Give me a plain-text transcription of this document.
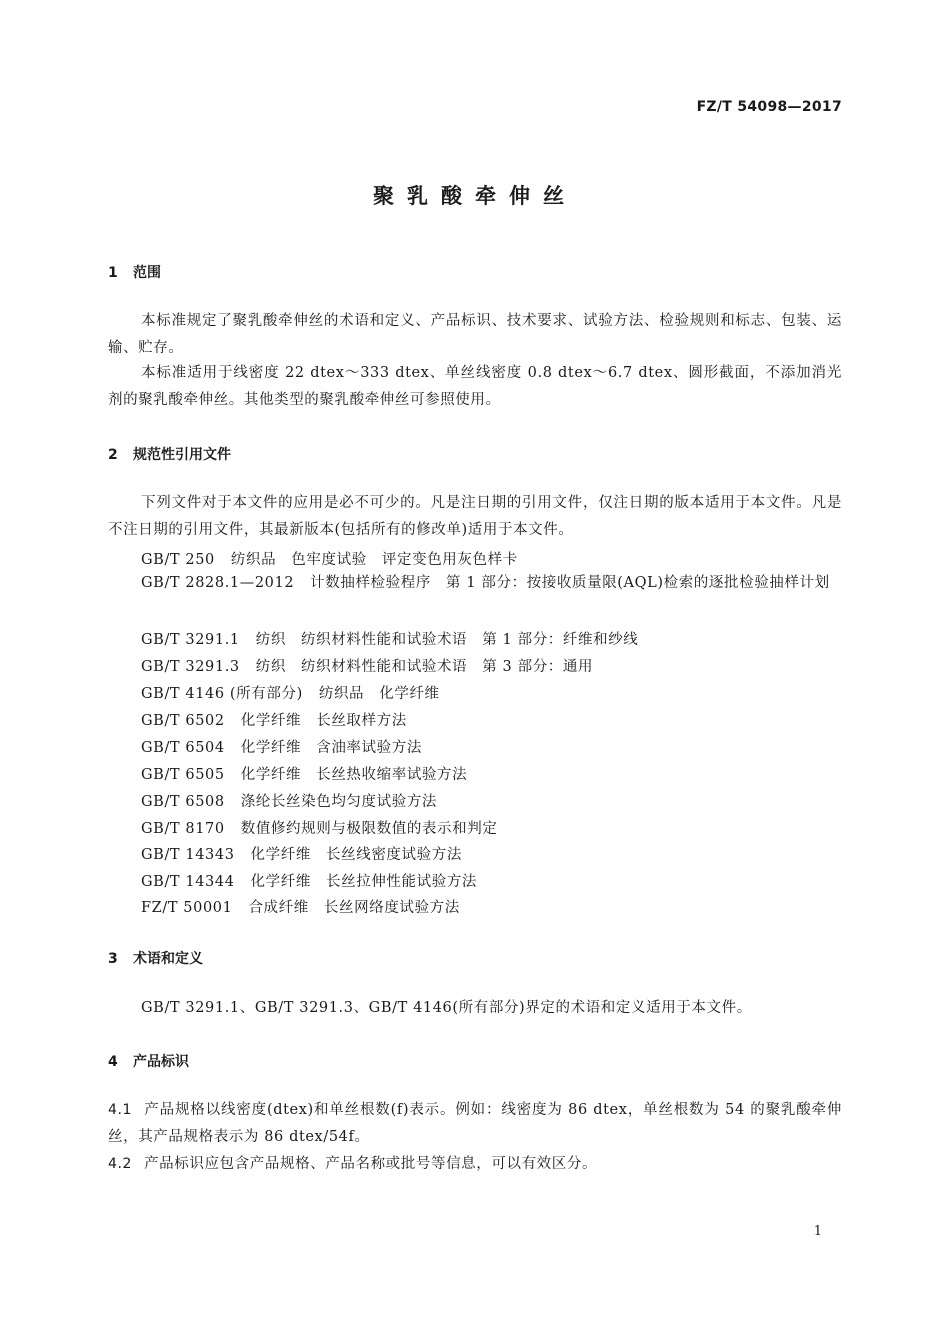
FZ/T 54098—2017
聚乳酸牵伸丝
1 范围
本标准规定了聚乳酸牵伸丝的术语和定义、产品标识、技术要求、试验方法、检验规则和标志、包装、运输、贮存。
本标准适用于线密度 22 dtex～333 dtex、单丝线密度 0.8 dtex～6.7 dtex、圆形截面，不添加消光剂的聚乳酸牵伸丝。其他类型的聚乳酸牵伸丝可参照使用。
2 规范性引用文件
下列文件对于本文件的应用是必不可少的。凡是注日期的引用文件，仅注日期的版本适用于本文件。凡是不注日期的引用文件，其最新版本(包括所有的修改单)适用于本文件。
GB/T 250 纺织品　色牢度试验　评定变色用灰色样卡
GB/T 2828.1—2012 计数抽样检验程序　第 1 部分：按接收质量限(AQL)检索的逐批检验抽样计划
GB/T 3291.1 纺织　纺织材料性能和试验术语　第 1 部分：纤维和纱线
GB/T 3291.3 纺织　纺织材料性能和试验术语　第 3 部分：通用
GB/T 4146 (所有部分) 纺织品　化学纤维
GB/T 6502 化学纤维　长丝取样方法
GB/T 6504 化学纤维　含油率试验方法
GB/T 6505 化学纤维　长丝热收缩率试验方法
GB/T 6508 涤纶长丝染色均匀度试验方法
GB/T 8170 数值修约规则与极限数值的表示和判定
GB/T 14343 化学纤维　长丝线密度试验方法
GB/T 14344 化学纤维　长丝拉伸性能试验方法
FZ/T 50001 合成纤维　长丝网络度试验方法
3 术语和定义
GB/T 3291.1、GB/T 3291.3、GB/T 4146(所有部分)界定的术语和定义适用于本文件。
4 产品标识
4.1 产品规格以线密度(dtex)和单丝根数(f)表示。例如：线密度为 86 dtex，单丝根数为 54 的聚乳酸牵伸丝，其产品规格表示为 86 dtex/54f。
4.2 产品标识应包含产品规格、产品名称或批号等信息，可以有效区分。
1
